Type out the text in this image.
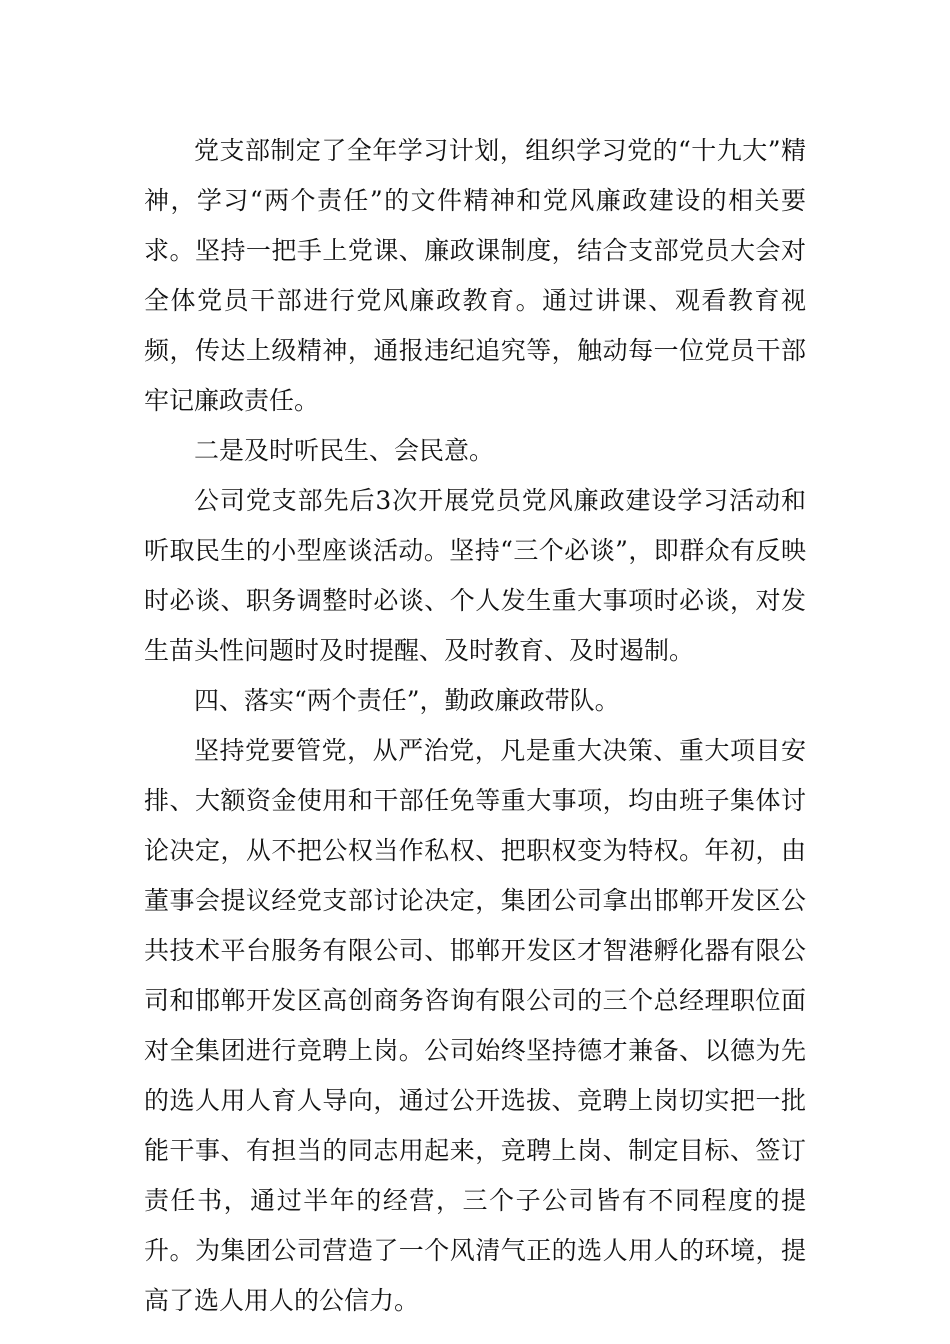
党支部制定了全年学习计划，组织学习党的“十九大”精神，学习“两个责任”的文件精神和党风廉政建设的相关要求。坚持一把手上党课、廉政课制度，结合支部党员大会对全体党员干部进行党风廉政教育。通过讲课、观看教育视频，传达上级精神，通报违纪追究等，触动每一位党员干部牢记廉政责任。

二是及时听民生、会民意。

公司党支部先后3次开展党员党风廉政建设学习活动和听取民生的小型座谈活动。坚持“三个必谈”，即群众有反映时必谈、职务调整时必谈、个人发生重大事项时必谈，对发生苗头性问题时及时提醒、及时教育、及时遏制。

四、落实“两个责任”，勤政廉政带队。

坚持党要管党，从严治党，凡是重大决策、重大项目安排、大额资金使用和干部任免等重大事项，均由班子集体讨论决定，从不把公权当作私权、把职权变为特权。年初，由董事会提议经党支部讨论决定，集团公司拿出邯郸开发区公共技术平台服务有限公司、邯郸开发区才智港孵化器有限公司和邯郸开发区高创商务咨询有限公司的三个总经理职位面对全集团进行竞聘上岗。公司始终坚持德才兼备、以德为先的选人用人育人导向，通过公开选拔、竞聘上岗切实把一批能干事、有担当的同志用起来，竞聘上岗、制定目标、签订责任书，通过半年的经营，三个子公司皆有不同程度的提升。为集团公司营造了一个风清气正的选人用人的环境，提高了选人用人的公信力。
